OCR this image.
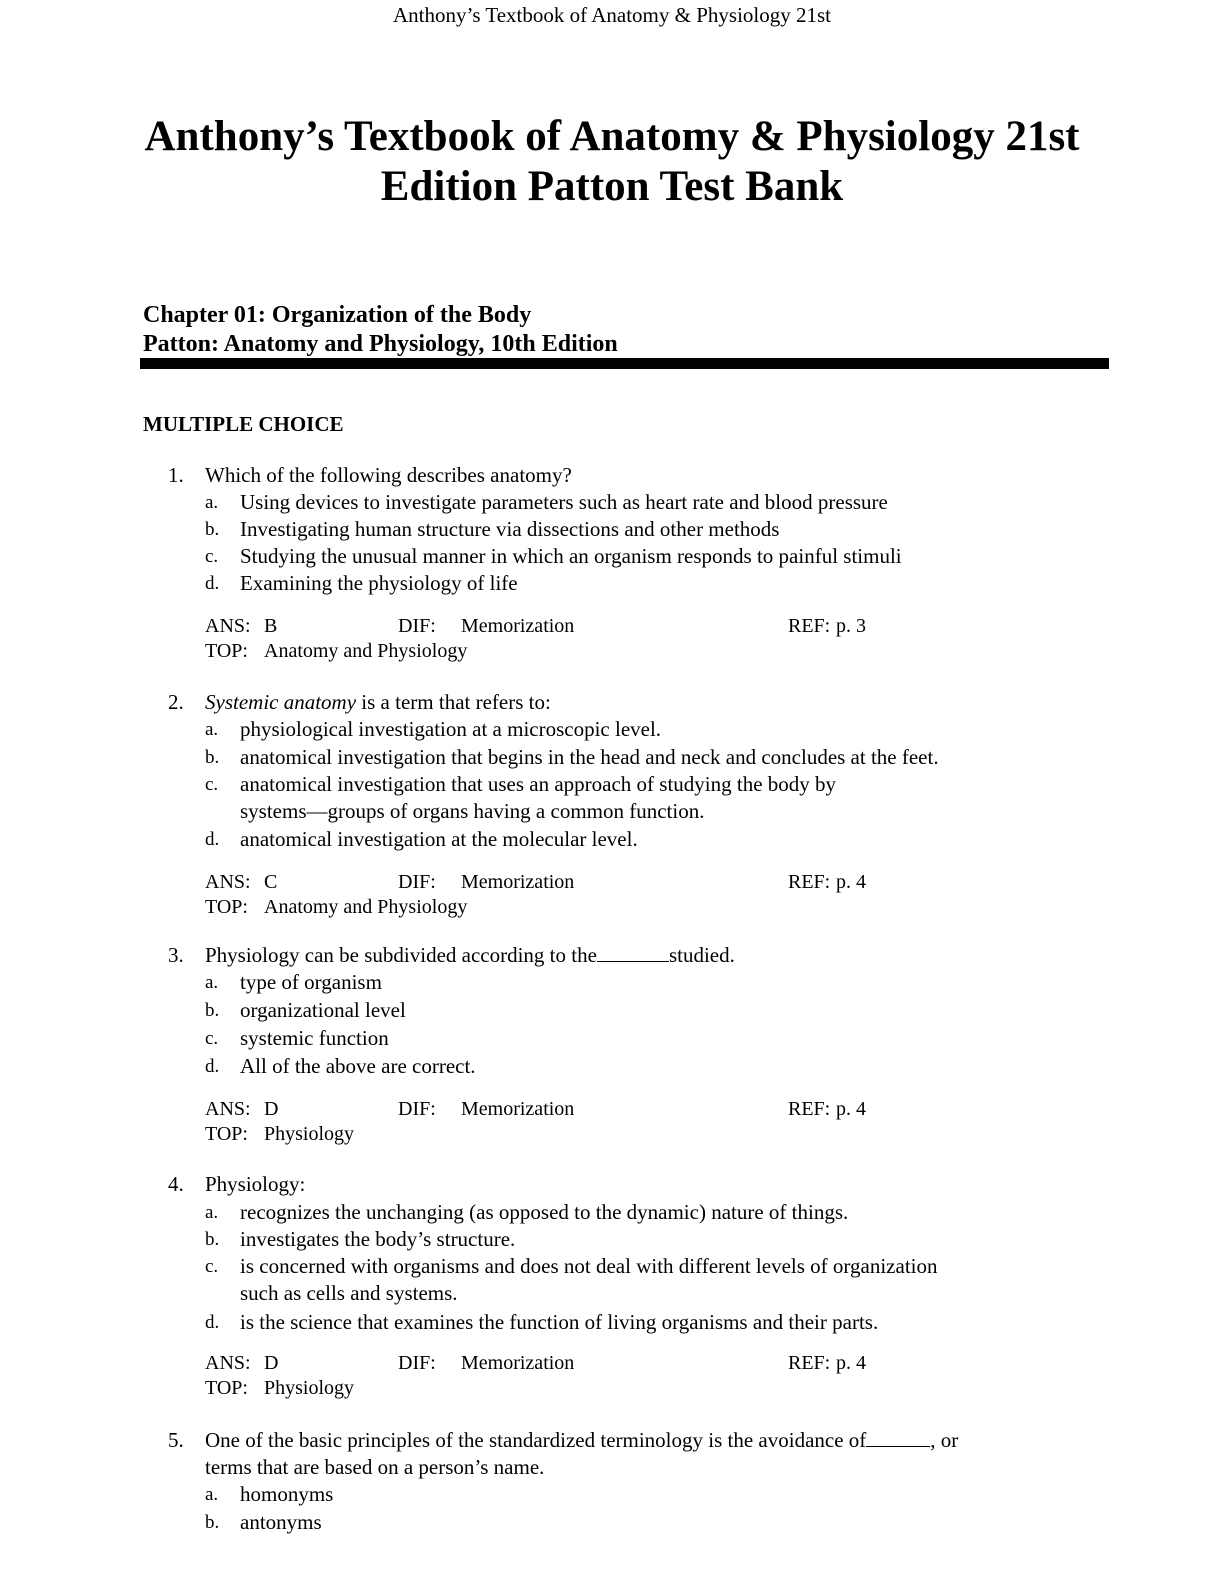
Anthony’s Textbook of Anatomy & Physiology 21st
Anthony’s Textbook of Anatomy & Physiology 21st
Edition Patton Test Bank
Chapter 01: Organization of the Body
Patton: Anatomy and Physiology, 10th Edition
MULTIPLE CHOICE
1. Which of the following describes anatomy?
a. Using devices to investigate parameters such as heart rate and blood pressure
b. Investigating human structure via dissections and other methods
c. Studying the unusual manner in which an organism responds to painful stimuli
d. Examining the physiology of life
ANS: B	DIF: Memorization	REF: p. 3
TOP: Anatomy and Physiology
2. Systemic anatomy is a term that refers to:
a. physiological investigation at a microscopic level.
b. anatomical investigation that begins in the head and neck and concludes at the feet.
c. anatomical investigation that uses an approach of studying the body by
systems—groups of organs having a common function.
d. anatomical investigation at the molecular level.
ANS: C	DIF: Memorization	REF: p. 4
TOP: Anatomy and Physiology
3. Physiology can be subdivided according to the	studied.
a. type of organism
b. organizational level
c. systemic function
d. All of the above are correct.
ANS: D	DIF: Memorization	REF: p. 4
TOP: Physiology
4. Physiology:
a. recognizes the unchanging (as opposed to the dynamic) nature of things.
b. investigates the body’s structure.
c. is concerned with organisms and does not deal with different levels of organization
such as cells and systems.
d. is the science that examines the function of living organisms and their parts.
ANS: D	DIF: Memorization	REF: p. 4
TOP: Physiology
5. One of the basic principles of the standardized terminology is the avoidance of	, or
terms that are based on a person’s name.
a. homonyms
b. antonyms
